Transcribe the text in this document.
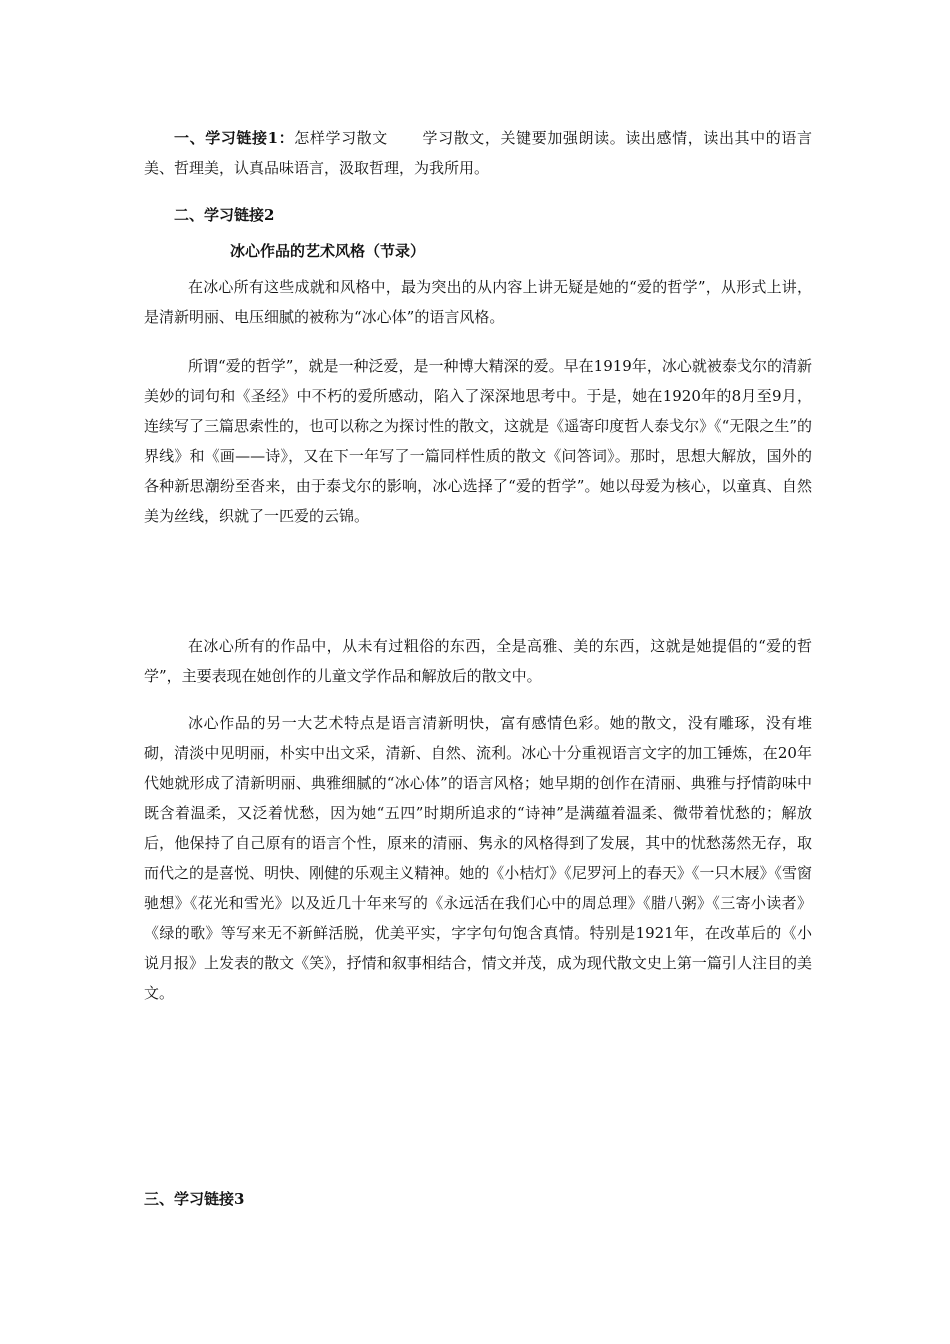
一、学习链接1：怎样学习散文 学习散文，关键要加强朗读。读出感情，读出其中的语言美、哲理美，认真品味语言，汲取哲理，为我所用。

二、学习链接2

冰心作品的艺术风格（节录）

在冰心所有这些成就和风格中，最为突出的从内容上讲无疑是她的“爱的哲学”，从形式上讲，是清新明丽、电压细腻的被称为“冰心体”的语言风格。

所谓“爱的哲学”，就是一种泛爱，是一种博大精深的爱。早在1919年，冰心就被泰戈尔的清新美妙的词句和《圣经》中不朽的爱所感动，陷入了深深地思考中。于是，她在1920年的8月至9月，连续写了三篇思索性的，也可以称之为探讨性的散文，这就是《遥寄印度哲人泰戈尔》《“无限之生”的界线》和《画——诗》，又在下一年写了一篇同样性质的散文《问答词》。那时，思想大解放，国外的各种新思潮纷至沓来，由于泰戈尔的影响，冰心选择了“爱的哲学”。她以母爱为核心，以童真、自然美为丝线，织就了一匹爱的云锦。

在冰心所有的作品中，从未有过粗俗的东西，全是高雅、美的东西，这就是她提倡的“爱的哲学”，主要表现在她创作的儿童文学作品和解放后的散文中。

冰心作品的另一大艺术特点是语言清新明快，富有感情色彩。她的散文，没有雕琢，没有堆砌，清淡中见明丽，朴实中出文采，清新、自然、流利。冰心十分重视语言文字的加工锤炼，在20年代她就形成了清新明丽、典雅细腻的“冰心体”的语言风格；她早期的创作在清丽、典雅与抒情韵味中既含着温柔，又泛着忧愁，因为她“五四”时期所追求的“诗神”是满蕴着温柔、微带着忧愁的；解放后，他保持了自己原有的语言个性，原来的清丽、隽永的风格得到了发展，其中的忧愁荡然无存，取而代之的是喜悦、明快、刚健的乐观主义精神。她的《小桔灯》《尼罗河上的春天》《一只木屐》《雪窗驰想》《花光和雪光》以及近几十年来写的《永远活在我们心中的周总理》《腊八粥》《三寄小读者》《绿的歌》等写来无不新鲜活脱，优美平实，字字句句饱含真情。特别是1921年，在改革后的《小说月报》上发表的散文《笑》，抒情和叙事相结合，情文并茂，成为现代散文史上第一篇引人注目的美文。

三、学习链接3
